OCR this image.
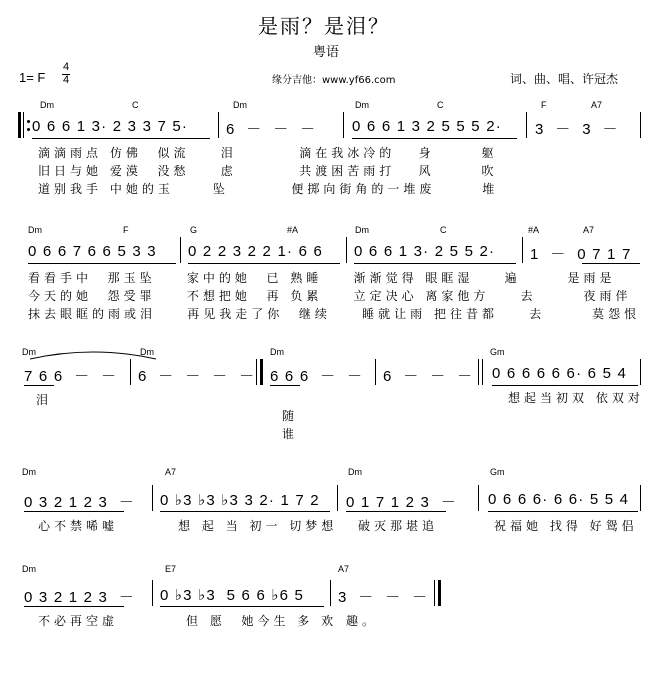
是雨？是泪？
粤语
1= F
4
4	缘分吉他：www.yf66.com	词、曲、唱、许冠杰
Dm	C	Dm	Dm	C	F	A7
0 6 6 1 3· 2 3 3 7 5·	6  －  －  － 0 6 6 1 3 2 5 5 5 2· 3  －  3  －
滴滴雨点 仿佛  似流    泪        滴在我冰冷的   身      躯
旧日与她 爱漠  没愁    虑        共渡困苦雨打   风      吹
道别我手 中她的玉     坠        便掷向街角的一堆废      堆
Dm	F	G	#A	Dm	C	#A	A7
0 6 6 7 6 6 5 3 3 0 2 2 3 2 2 1· 6 6 0 6 6 1 3· 2 5 5 2· 1  －  0 7 1 7
看看手中  那玉坠    家中的她  已 熟睡    渐渐觉得 眼眶湿    遍      是雨是
今天的她  怨受罪    不想把她  再 负累    立定决心 离家他方    去      夜雨伴
抹去眼眶的雨或泪    再见我走了你  继续    睡就让雨 把往昔都    去      莫怨恨
Dm	Dm	Dm	Gm
7 6 6  －  － 6  －  －  －  － 6 6 6  －  － 6  －  －  － 0 6 6 6 6 6· 6 5 4
泪
随
谁
想起当初双 依双对
Dm	A7	Dm	Gm
0 3 2 1 2 3  － 0 ♭3 ♭3 ♭3 3 2· 1 7 2 0 1 7 1 2 3  － 0 6 6 6· 6 6· 5 5 4
心不禁唏嘘	想 起 当 初一 切梦想 破灭那堪追	祝福她 找得 好鸳侣
Dm	E7	A7
0 3 2 1 2 3  － 0 ♭3 ♭3  5 6 6 ♭6 5 3  －  －  －
不必再空虚	但 愿  她今生 多 欢 趣。
